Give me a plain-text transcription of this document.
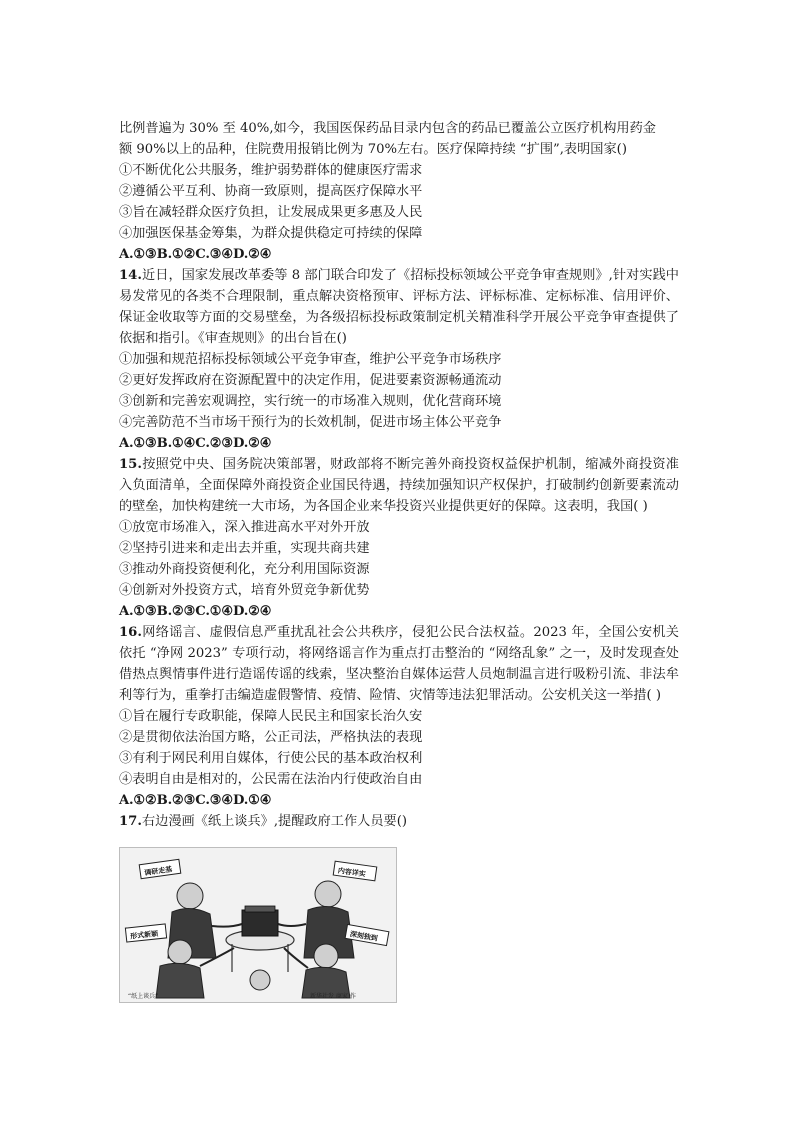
比例普遍为 30% 至 40%,如今，我国医保药品目录内包含的药品已覆盖公立医疗机构用药金

额 90%以上的品种，住院费用报销比例为 70%左右。医疗保障持续 “扩围”,表明国家()

①不断优化公共服务，维护弱势群体的健康医疗需求

②遵循公平互利、协商一致原则，提高医疗保障水平

③旨在减轻群众医疗负担，让发展成果更多惠及人民

④加强医保基金筹集，为群众提供稳定可持续的保障

A.①③B.①②C.③④D.②④

14.近日，国家发展改革委等 8 部门联合印发了《招标投标领域公平竞争审查规则》,针对实践中易发常见的各类不合理限制，重点解决资格预审、评标方法、评标标准、定标标准、信用评价、保证金收取等方面的交易壁垒，为各级招标投标政策制定机关精准科学开展公平竞争审查提供了依据和指引。《审查规则》的出台旨在()

①加强和规范招标投标领域公平竞争审查，维护公平竞争市场秩序

②更好发挥政府在资源配置中的决定作用，促进要素资源畅通流动

③创新和完善宏观调控，实行统一的市场准入规则，优化营商环境

④完善防范不当市场干预行为的长效机制，促进市场主体公平竞争

A.①③B.①④C.②③D.②④

15.按照党中央、国务院决策部署，财政部将不断完善外商投资权益保护机制，缩减外商投资准入负面清单，全面保障外商投资企业国民待遇，持续加强知识产权保护，打破制约创新要素流动的壁垒，加快构建统一大市场，为各国企业来华投资兴业提供更好的保障。这表明，我国( )

①放宽市场准入，深入推进高水平对外开放

②坚持引进来和走出去并重，实现共商共建

③推动外商投资便利化，充分利用国际资源

④创新对外投资方式，培育外贸竞争新优势

A.①③B.②③C.①④D.②④

16.网络谣言、虚假信息严重扰乱社会公共秩序，侵犯公民合法权益。2023 年，全国公安机关依托 “净网 2023” 专项行动，将网络谣言作为重点打击整治的 “网络乱象” 之一，及时发现查处借热点舆情事件进行造谣传谣的线索，坚决整治自媒体运营人员炮制温言进行吸粉引流、非法牟利等行为，重拳打击编造虚假警情、疫情、险情、灾情等违法犯罪活动。公安机关这一举措( )

①旨在履行专政职能，保障人民民主和国家长治久安

②是贯彻依法治国方略，公正司法，严格执法的表现

③有利于网民利用自媒体，行使公民的基本政治权利

④表明自由是相对的，公民需在法治内行使政治自由

A.①②B.②③C.③④D.①④

17.右边漫画《纸上谈兵》,提醒政府工作人员要()

调研走基	内容详实
形式新颖	深刻独到
“纸上谈兵”	新华社发 商家 作
